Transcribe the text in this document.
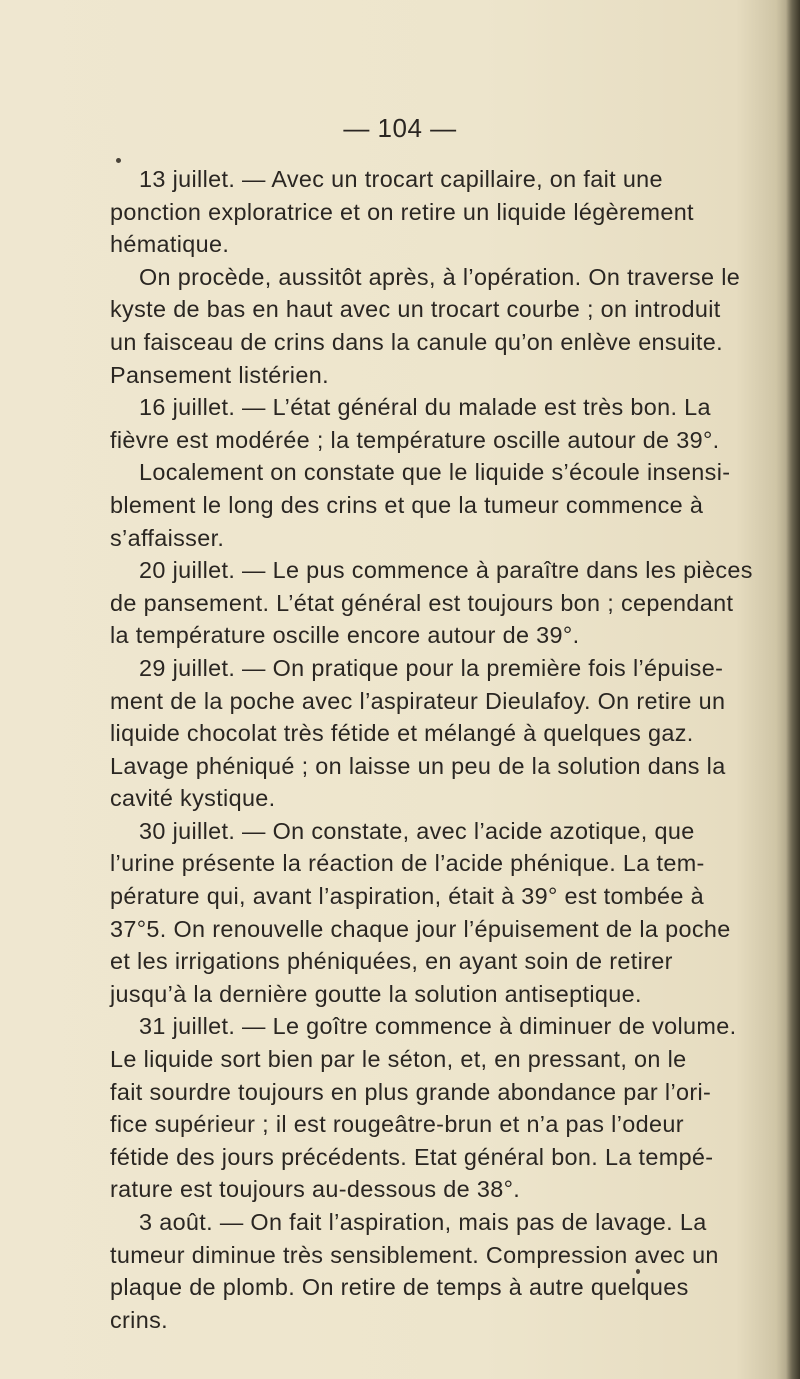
— 104 —
13 juillet. — Avec un trocart capillaire, on fait une
ponction exploratrice et on retire un liquide légèrement
hématique.
On procède, aussitôt après, à l’opération. On traverse le
kyste de bas en haut avec un trocart courbe ; on introduit
un faisceau de crins dans la canule qu’on enlève ensuite.
Pansement listérien.
16 juillet. — L’état général du malade est très bon. La
fièvre est modérée ; la température oscille autour de 39°.
Localement on constate que le liquide s’écoule insensi-
blement le long des crins et que la tumeur commence à
s’affaisser.
20 juillet. — Le pus commence à paraître dans les pièces
de pansement. L’état général est toujours bon ; cependant
la température oscille encore autour de 39°.
29 juillet. — On pratique pour la première fois l’épuise-
ment de la poche avec l’aspirateur Dieulafoy. On retire un
liquide chocolat très fétide et mélangé à quelques gaz.
Lavage phéniqué ; on laisse un peu de la solution dans la
cavité kystique.
30 juillet. — On constate, avec l’acide azotique, que
l’urine présente la réaction de l’acide phénique. La tem-
pérature qui, avant l’aspiration, était à 39° est tombée à
37°5. On renouvelle chaque jour l’épuisement de la poche
et les irrigations phéniquées, en ayant soin de retirer
jusqu’à la dernière goutte la solution antiseptique.
31 juillet. — Le goître commence à diminuer de volume.
Le liquide sort bien par le séton, et, en pressant, on le
fait sourdre toujours en plus grande abondance par l’ori-
fice supérieur ; il est rougeâtre-brun et n’a pas l’odeur
fétide des jours précédents. Etat général bon. La tempé-
rature est toujours au-dessous de 38°.
3 août. — On fait l’aspiration, mais pas de lavage. La
tumeur diminue très sensiblement. Compression avec un
plaque de plomb. On retire de temps à autre quelques
crins.
